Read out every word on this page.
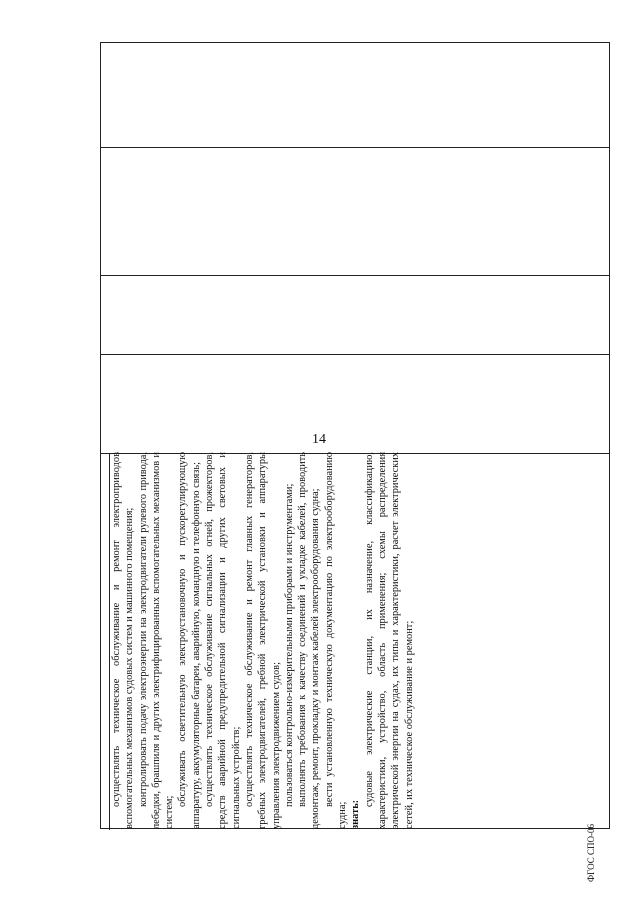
14

осуществлять техническое обслуживание и ремонт электроприводов вспомогательных механизмов судовых систем и машинного помещения; контролировать подачу электроэнергии на электродвигатели рулевого привода, лебедки, брашпиля и других электрифицированных вспомогательных механизмов и систем;

обслуживать осветительную электроустановочную и пускорегулирующую аппаратуру, аккумуляторные батареи, аварийную, командную и телефонную связь; осуществлять техническое обслуживание сигнальных огней, прожекторов, средств аварийной предупредительной сигнализации и других световых и сигнальных устройств; осуществлять техническое обслуживание и ремонт главных генераторов, гребных электродвигателей, гребной электрической установки и аппаратуры управления электродвижением судов; пользоваться контрольно-измерительными приборами и инструментами; выполнять требования к качеству соединений и укладке кабелей, проводить демонтаж, ремонт, прокладку и монтаж кабелей электрооборудования судна; вести установленную техническую документацию по электрооборудованию судна; знать:

судовые электрические станции, их назначение, классификацию, характеристики, устройство, область применения; схемы распределения электрической энергии на судах, их типы и характеристики, расчет электрических сетей, их техническое обслуживание и ремонт;

ФГОС СПО-06
